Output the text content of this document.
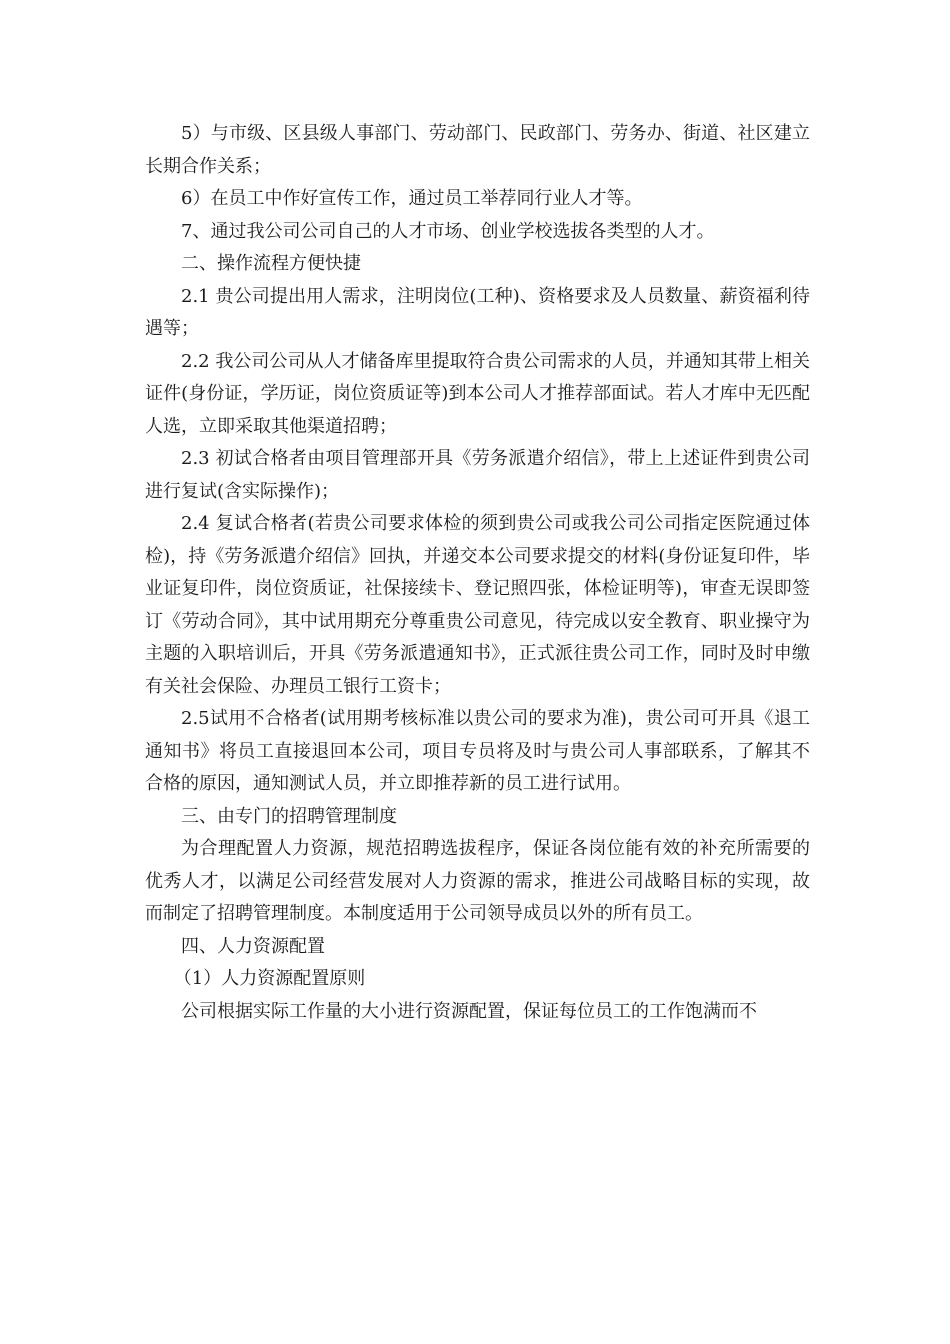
5）与市级、区县级人事部门、劳动部门、民政部门、劳务办、街道、社区建立长期合作关系；

6）在员工中作好宣传工作，通过员工举荐同行业人才等。

7、通过我公司公司自己的人才市场、创业学校选拔各类型的人才。

二、操作流程方便快捷

2.1 贵公司提出用人需求，注明岗位(工种)、资格要求及人员数量、薪资福利待遇等；

2.2 我公司公司从人才储备库里提取符合贵公司需求的人员，并通知其带上相关证件(身份证，学历证，岗位资质证等)到本公司人才推荐部面试。若人才库中无匹配人选，立即采取其他渠道招聘；

2.3 初试合格者由项目管理部开具《劳务派遣介绍信》，带上上述证件到贵公司进行复试(含实际操作)；

2.4 复试合格者(若贵公司要求体检的须到贵公司或我公司公司指定医院通过体检)，持《劳务派遣介绍信》回执，并递交本公司要求提交的材料(身份证复印件，毕业证复印件，岗位资质证，社保接续卡、登记照四张，体检证明等)，审查无误即签订《劳动合同》，其中试用期充分尊重贵公司意见，待完成以安全教育、职业操守为主题的入职培训后，开具《劳务派遣通知书》，正式派往贵公司工作，同时及时申缴有关社会保险、办理员工银行工资卡；

2.5试用不合格者(试用期考核标准以贵公司的要求为准)，贵公司可开具《退工通知书》将员工直接退回本公司，项目专员将及时与贵公司人事部联系，了解其不合格的原因，通知测试人员，并立即推荐新的员工进行试用。

三、由专门的招聘管理制度

为合理配置人力资源，规范招聘选拔程序，保证各岗位能有效的补充所需要的优秀人才，以满足公司经营发展对人力资源的需求，推进公司战略目标的实现，故而制定了招聘管理制度。本制度适用于公司领导成员以外的所有员工。

四、人力资源配置

（1）人力资源配置原则

公司根据实际工作量的大小进行资源配置，保证每位员工的工作饱满而不
